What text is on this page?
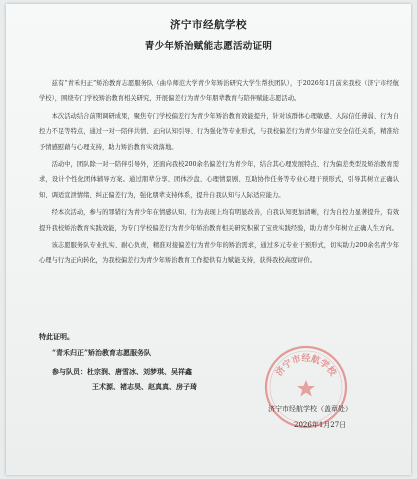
济宁市经航学校
青少年矫治赋能志愿活动证明

兹有“青禾归正”矫治教育志愿服务队（曲阜师范大学青少年矫治研究大学生帮扶团队），于2026年1月前来我校（济宁市经航学校），围绕专门学校矫治教育相关研究，开展偏差行为青少年朋辈教育与陪伴赋能志愿活动。

本次活动结合前期调研成果，聚焦专门学校偏差行为青少年矫治教育效能提升，针对该群体心理敏感、人际信任薄弱、行为自控力不足等特点，通过一对一陪伴共情、正向认知引导、行为强化等专业形式，与我校偏差行为青少年建立安全信任关系，精准给予情感慰藉与心理支持，助力矫治教育实效落地。

活动中，团队除一对一陪伴引导外，还面向我校200余名偏差行为青少年，结合其心理发展特点、行为偏差类型及矫治教育需求，设计个性化团体辅导方案。通过朋辈分享、团体沙盘、心理情景剧、互助协作任务等专业心理干预形式，引导其树立正确认知、调适宣泄情绪、纠正偏差行为，强化朋辈支持体系，提升自我认知与人际适应能力。

经本次活动，参与的罪错行为青少年在情感认知、行为表现上均有明显改善，自我认知更加清晰，行为自控力显著提升，有效提升我校矫治教育实践效能，为专门学校偏差行为青少年矫治教育相关研究积累了宝贵实践经验，助力青少年树立正确人生方向。

该志愿服务队专业扎实、耐心负责，精准对接偏差行为青少年的矫治需求，通过多元专业干预形式，切实助力200余名青少年心理与行为正向转化，为我校偏差行为青少年矫治教育工作提供有力赋能支持，获得我校高度评价。

特此证明。
“青禾归正”矫治教育志愿服务队
参与队员：杜宗润、唐雪冰、刘梦琪、吴祥鑫
王术源、褚志昊、赵真真、房子琦
济宁市经航学校
济宁市经航学校（盖章处）
2026年1月27日
